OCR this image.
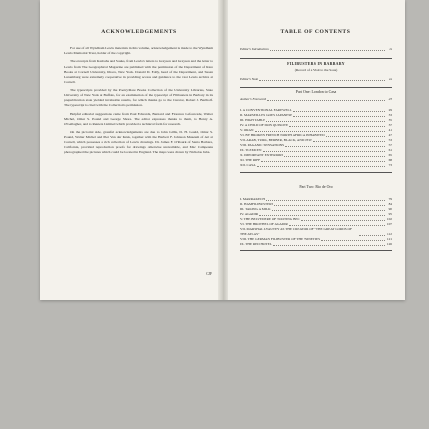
ACKNOWLEDGEMENTS

For use of all Wyndham Lewis materials in this volume, acknowledgement is made to the Wyndham Lewis Memorial Trust, holder of the copyright.

The excerpts from Kasbahs and Souks, from Lewis's letters to Grayson and Grayson and the letter to Lewis from The Geographical Magazine are published with the permission of the Department of Rare Books at Cornell University, Ithaca, New York. Donald D. Eddy, head of the Department, and Susan Luxemburg were extremely cooperative in providing access and guidance to the vast Lewis archive at Cornell.

The typescripts provided by the Poetry/Rare Books Collection of the University Libraries, State University of New York at Buffalo, for an examination of the typescript of Filibusters in Barbary in its prepublication state yielded invaluable results, for which thanks go to the Curator, Robert J. Bertholf. The typescript is cited with the Collection's permission.

Helpful editorial suggestions came from Paul Edwards, Bernard and Florence Lafourcade, Walter Michel, Omar S. Pound and George Shore. The editor expresses thanks to them, to Henry A. O'Gallagher, and to Reuters Limited which provided a technical form for research.

On the pictorial side, grateful acknowledgements are due to John Gillis, D. H. Gould, Omar S. Pound, Walter Michel and Piet Van der Kruk, together with the Herbert F. Johnson Museum of Art at Cornell, which possesses a rich collection of Lewis drawings. Dr. James F. O'Rourk of Santa Barbara, California, provided reproduction proofs for drawings otherwise unavailable, and Mac Campeanu photographed the pictures which could be located in England. The maps were drawn by Nicholas Juba.

CJF
TABLE OF CONTENTS
Editor's Introduction	ix
FILIBUSTERS IN BARBARY
(Record of a Visit to the Sous)
Editor's Note	xx
Part One: London to Casa
Author's Foreword	23
I. A CONVENTIONAL FAREWELL	29
II. MARSEILLES GOES JAPANESE	33
III. HIGH TABLE	35
IV. A CHILD OF DON QUIXOTE	37
V. ORAN	41
VI. BY BROKEN FRENCH NORTH AFRICA INHABITED	47
VII. ARAB, TURK, BERBER, BLACK, AND JEW	53
VIII. PAGANIC SENSATIONS	57
IX. TLEMCEN	61
X. IMPORTANT EXTERIORS	65
XI. THE RIFF	68
XII. CASA	73
Part Two: Rio de Oro
I. MARRAKECH	79
II. HAMFILIBUSTERS	84
III. TAKING A MILK	90
IV. AGADIR	95
V. THE BELVEDERE OF TOOTING BEC	102
VI. THE BROTHEL OF AGADIR	107
VII. MARSHAL LYAUTEY AS THE CREATOR OF "THE GREAT LORDS OF THE ATLAS"	112
VIII. THE GERMAN FILIBUSTER OF THE 'NINETIES	121
IX. THE RED HOTEL	126
